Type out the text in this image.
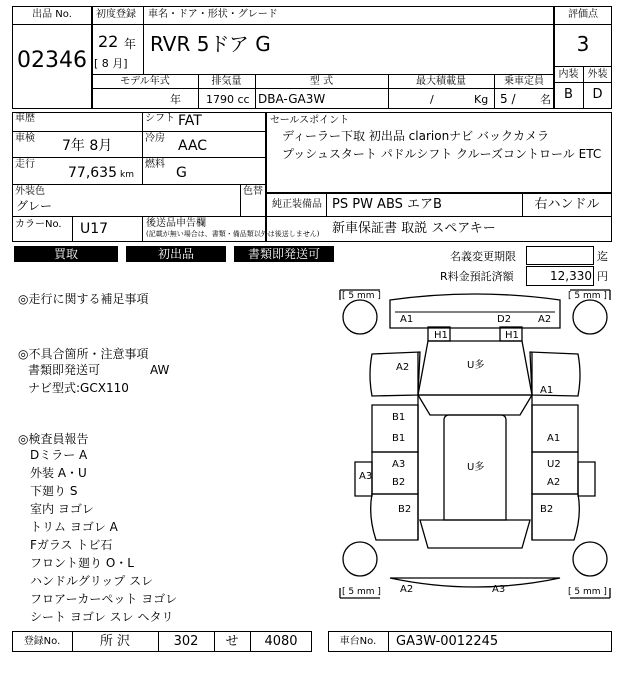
出品 No.
02346
初度登録 車名・ドア・形状・グレード
22 年
[ 8 月]
RVR 5ドア G
評価点
3
内装 外装
B	D
モデル年式	排気量	型 式	最大積載量	乗車定員
年 1790 cc DBA-GA3W	/	Kg 5 / 名
車歴	シフト FAT
車検 7年 8月	冷房 AAC
走行
77,635 km
燃料
G
外装色
グレー
色替
カラーNo. U17	後送品申告欄
(記載が無い場合は、書類・備品類以外は後送しません)
セールスポイント
ディーラー下取 初出品 clarionナビ バックカメラ
プッシュスタート パドルシフト クルーズコントロール ETC
純正装備品 PS PW ABS エアB	右ハンドル
新車保証書 取説 スペアキー
買取	初出品	書類即発送可	名義変更期限	迄
R料金預託済額	12,330 円
◎走行に関する補足事項
◎不具合箇所・注意事項
書類即発送可	AW
ナビ型式:GCX110
◎検査員報告
Dミラー A
外装 A・U
下廻り S
室内 ヨゴレ
トリム ヨゴレ A
Fガラス トビ石
フロント廻り O・L
ハンドルグリップ スレ
フロアーカーペット ヨゴレ
シート ヨゴレ スレ ヘタリ
[ 5 mm ]	[ 5 mm ]
[ 5 mm ]	[ 5 mm ]
A1	D2	A2
H1	H1
A2	U多
A1
B1
B1
A3
A3
B2
B2
U多
A1
U2
A2
B2
A2	A3
登録No.	所 沢	302	せ	4080	車台No.	GA3W-0012245
